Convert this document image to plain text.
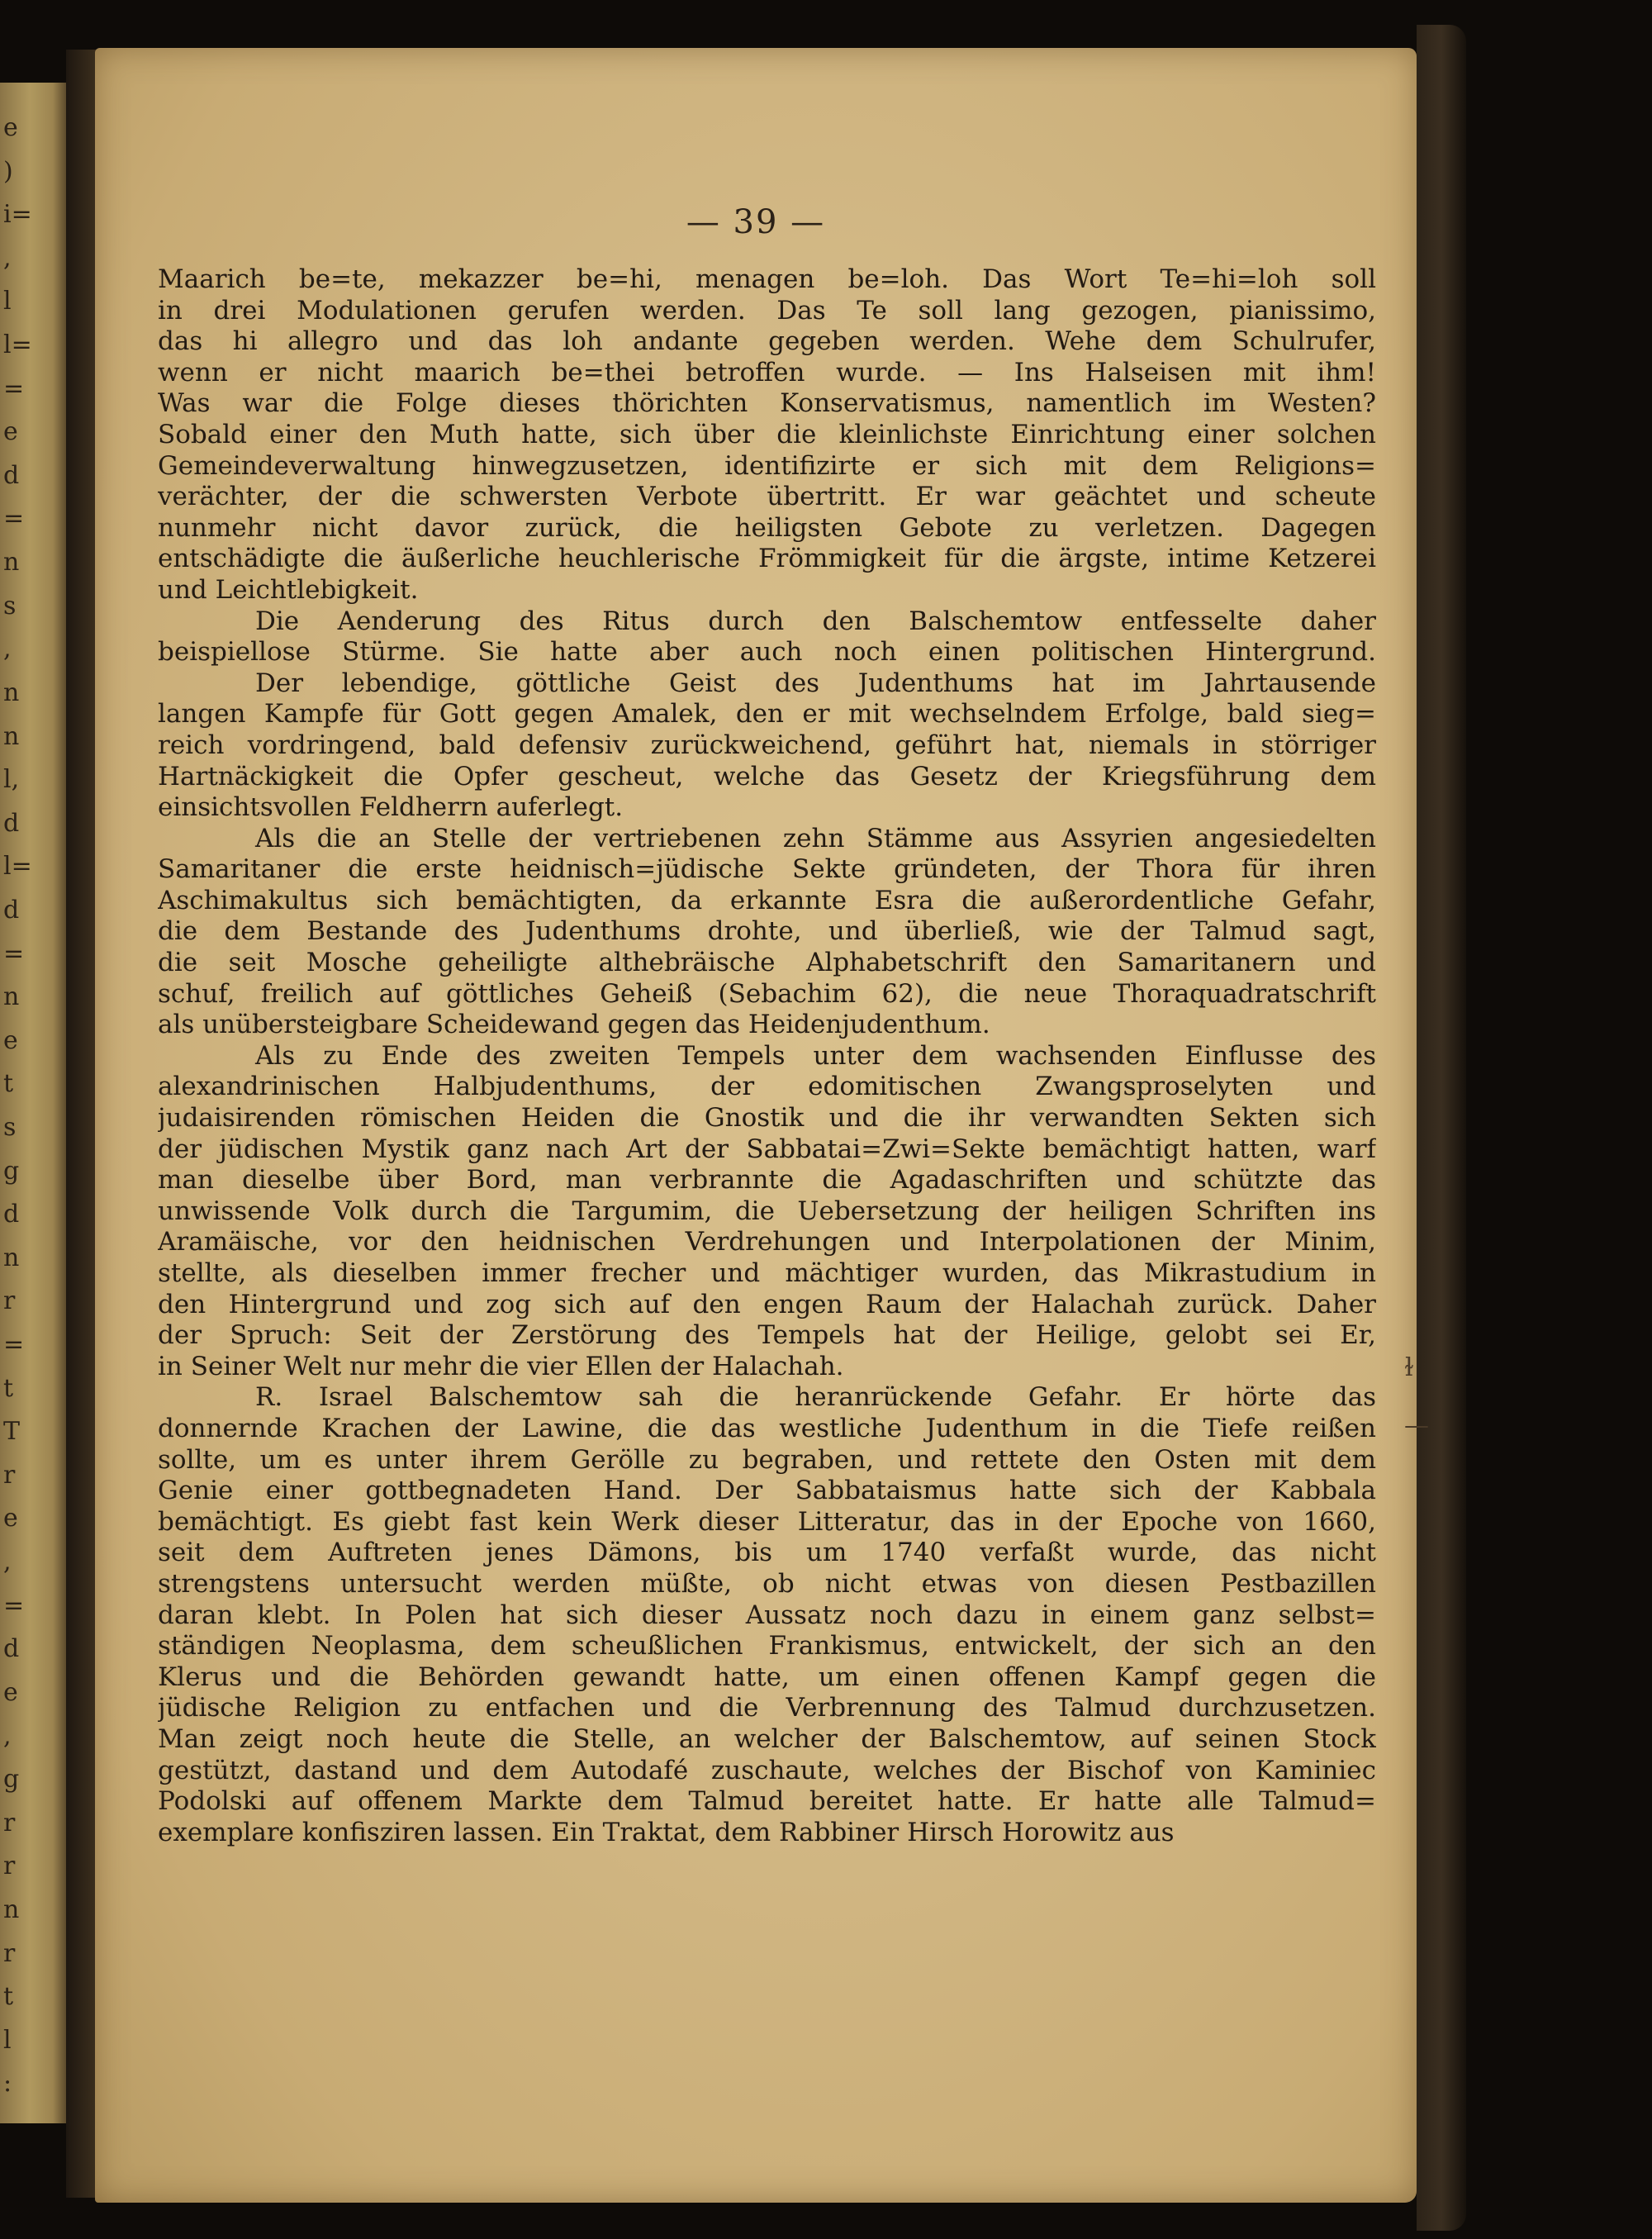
e
)
i=
,
l
l=
=
e
d
=
n
s
,
n
n
l,
d
l=
d
=
n
e
t
s
g
d
n
r
=
t
T
r
e
,
=
d
e
,
g
r
r
n
r
t
l
:
— 39 —
Maarich be=te, mekazzer be=hi, menagen be=loh. Das Wort Te=hi=loh soll
in drei Modulationen gerufen werden. Das Te soll lang gezogen, pianissimo,
das hi allegro und das loh andante gegeben werden. Wehe dem Schulrufer,
wenn er nicht maarich be=thei betroffen wurde. — Ins Halseisen mit ihm!
Was war die Folge dieses thörichten Konservatismus, namentlich im Westen?
Sobald einer den Muth hatte, sich über die kleinlichste Einrichtung einer solchen
Gemeindeverwaltung hinwegzusetzen, identifizirte er sich mit dem Religions=
verächter, der die schwersten Verbote übertritt. Er war geächtet und scheute
nunmehr nicht davor zurück, die heiligsten Gebote zu verletzen. Dagegen
entschädigte die äußerliche heuchlerische Frömmigkeit für die ärgste, intime Ketzerei
und Leichtlebigkeit.
Die Aenderung des Ritus durch den Balschemtow entfesselte daher
beispiellose Stürme. Sie hatte aber auch noch einen politischen Hintergrund.
Der lebendige, göttliche Geist des Judenthums hat im Jahrtausende
langen Kampfe für Gott gegen Amalek, den er mit wechselndem Erfolge, bald sieg=
reich vordringend, bald defensiv zurückweichend, geführt hat, niemals in störriger
Hartnäckigkeit die Opfer gescheut, welche das Gesetz der Kriegsführung dem
einsichtsvollen Feldherrn auferlegt.
Als die an Stelle der vertriebenen zehn Stämme aus Assyrien angesiedelten
Samaritaner die erste heidnisch=jüdische Sekte gründeten, der Thora für ihren
Aschimakultus sich bemächtigten, da erkannte Esra die außerordentliche Gefahr,
die dem Bestande des Judenthums drohte, und überließ, wie der Talmud sagt,
die seit Mosche geheiligte althebräische Alphabetschrift den Samaritanern und
schuf, freilich auf göttliches Geheiß (Sebachim 62), die neue Thoraquadratschrift
als unübersteigbare Scheidewand gegen das Heidenjudenthum.
Als zu Ende des zweiten Tempels unter dem wachsenden Einflusse des
alexandrinischen Halbjudenthums, der edomitischen Zwangsproselyten und
judaisirenden römischen Heiden die Gnostik und die ihr verwandten Sekten sich
der jüdischen Mystik ganz nach Art der Sabbatai=Zwi=Sekte bemächtigt hatten, warf
man dieselbe über Bord, man verbrannte die Agadaschriften und schützte das
unwissende Volk durch die Targumim, die Uebersetzung der heiligen Schriften ins
Aramäische, vor den heidnischen Verdrehungen und Interpolationen der Minim,
stellte, als dieselben immer frecher und mächtiger wurden, das Mikrastudium in
den Hintergrund und zog sich auf den engen Raum der Halachah zurück. Daher
der Spruch: Seit der Zerstörung des Tempels hat der Heilige, gelobt sei Er,
in Seiner Welt nur mehr die vier Ellen der Halachah.
R. Israel Balschemtow sah die heranrückende Gefahr. Er hörte das
donnernde Krachen der Lawine, die das westliche Judenthum in die Tiefe reißen
sollte, um es unter ihrem Gerölle zu begraben, und rettete den Osten mit dem
Genie einer gottbegnadeten Hand. Der Sabbataismus hatte sich der Kabbala
bemächtigt. Es giebt fast kein Werk dieser Litteratur, das in der Epoche von 1660,
seit dem Auftreten jenes Dämons, bis um 1740 verfaßt wurde, das nicht
strengstens untersucht werden müßte, ob nicht etwas von diesen Pestbazillen
daran klebt. In Polen hat sich dieser Aussatz noch dazu in einem ganz selbst=
ständigen Neoplasma, dem scheußlichen Frankismus, entwickelt, der sich an den
Klerus und die Behörden gewandt hatte, um einen offenen Kampf gegen die
jüdische Religion zu entfachen und die Verbrennung des Talmud durchzusetzen.
Man zeigt noch heute die Stelle, an welcher der Balschemtow, auf seinen Stock
gestützt, dastand und dem Autodafé zuschaute, welches der Bischof von Kaminiec
Podolski auf offenem Markte dem Talmud bereitet hatte. Er hatte alle Talmud=
exemplare konfisziren lassen. Ein Traktat, dem Rabbiner Hirsch Horowitz aus
ɫ
—
